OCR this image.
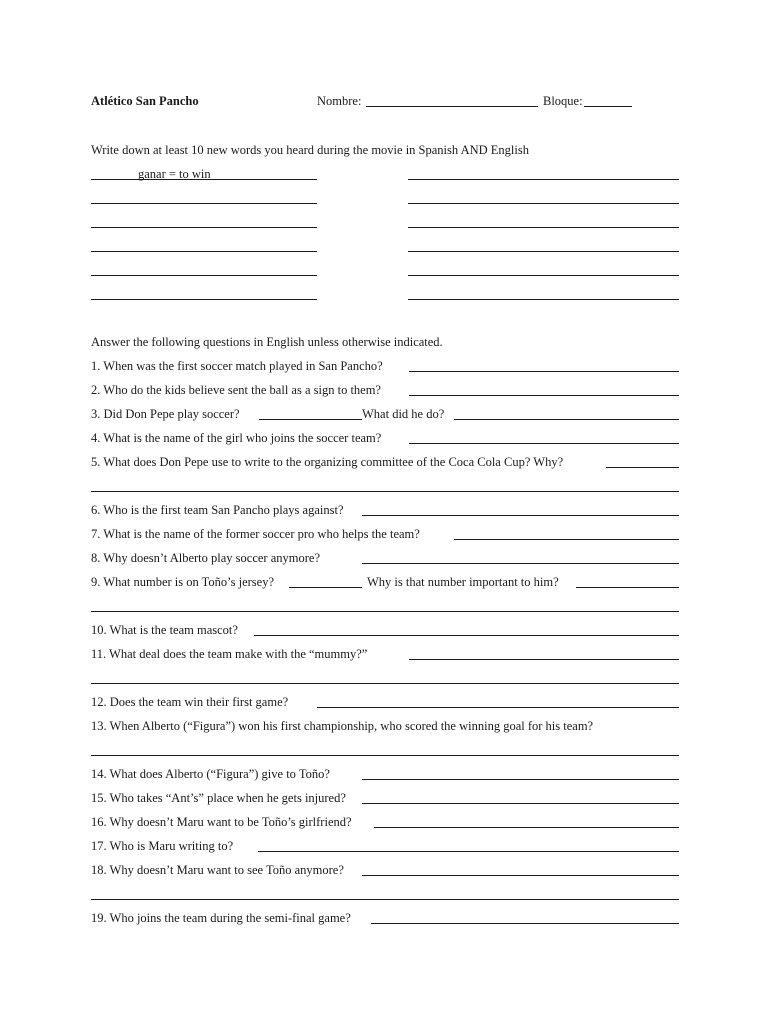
Atlético San Pancho	Nombre:	Bloque:
Write down at least 10 new words you heard during the movie in Spanish AND English
ganar = to win
Answer the following questions in English unless otherwise indicated.
1. When was the first soccer match played in San Pancho?
2. Who do the kids believe sent the ball as a sign to them?
3. Did Don Pepe play soccer?	What did he do?
4. What is the name of the girl who joins the soccer team?
5. What does Don Pepe use to write to the organizing committee of the Coca Cola Cup? Why?
6. Who is the first team San Pancho plays against?
7. What is the name of the former soccer pro who helps the team?
8. Why doesn’t Alberto play soccer anymore?
9. What number is on Toño’s jersey?	Why is that number important to him?
10. What is the team mascot?
11. What deal does the team make with the “mummy?”
12. Does the team win their first game?
13. When Alberto (“Figura”) won his first championship, who scored the winning goal for his team?
14. What does Alberto (“Figura”) give to Toño?
15. Who takes “Ant’s” place when he gets injured?
16. Why doesn’t Maru want to be Toño’s girlfriend?
17. Who is Maru writing to?
18. Why doesn’t Maru want to see Toño anymore?
19. Who joins the team during the semi-final game?
